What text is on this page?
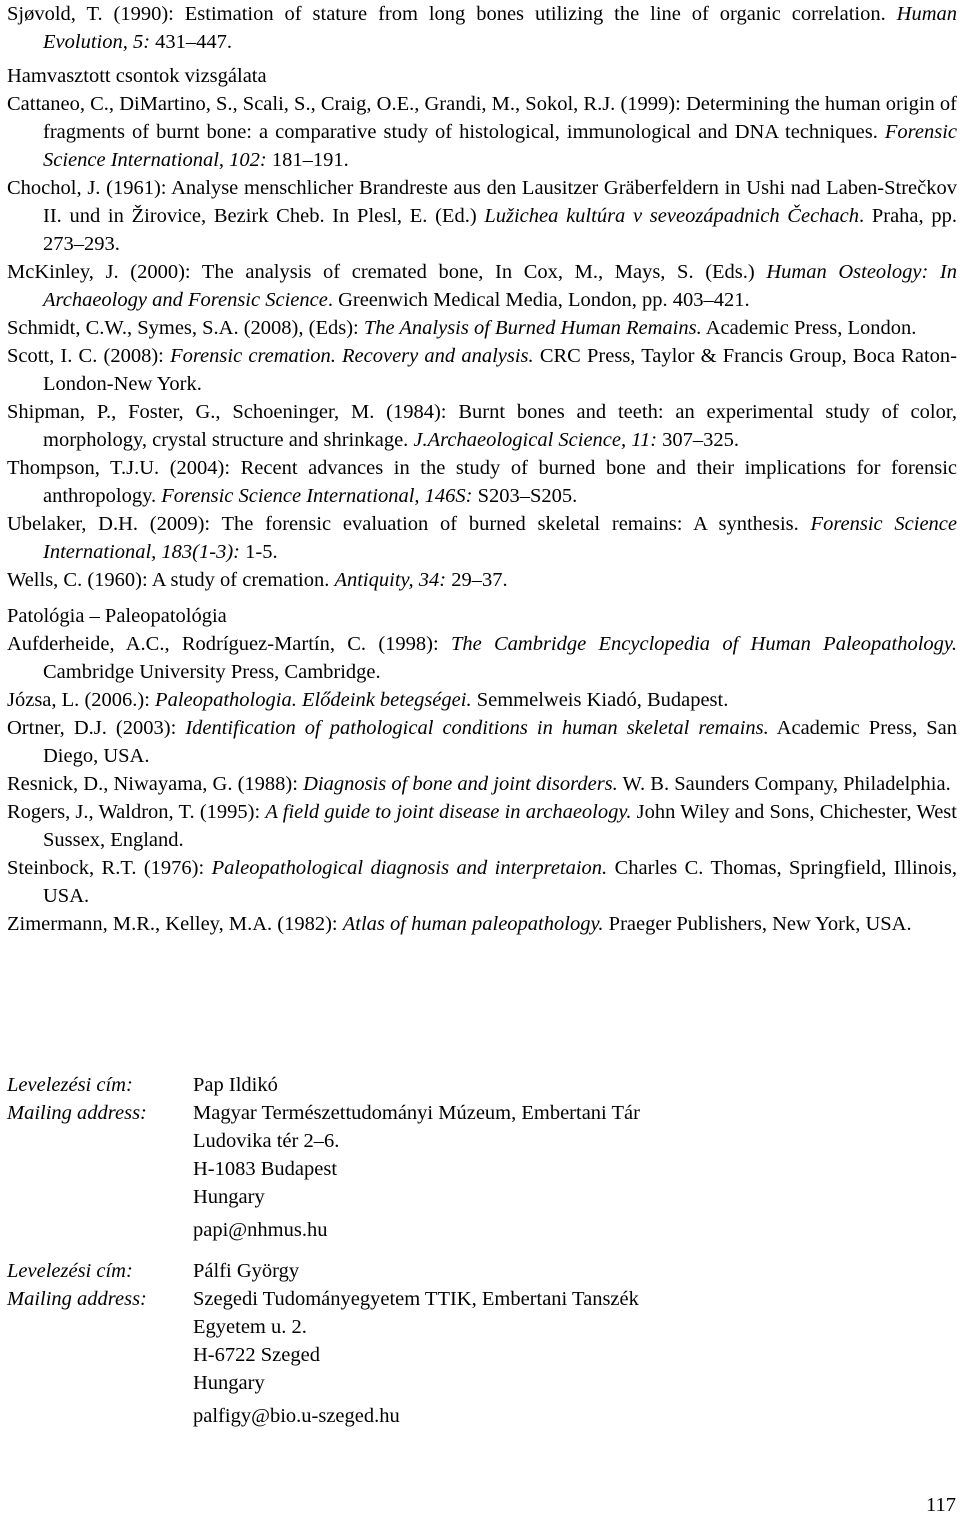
Sjøvold, T. (1990): Estimation of stature from long bones utilizing the line of organic correlation. Human Evolution, 5: 431–447.

Hamvasztott csontok vizsgálata

Cattaneo, C., DiMartino, S., Scali, S., Craig, O.E., Grandi, M., Sokol, R.J. (1999): Determining the human origin of fragments of burnt bone: a comparative study of histological, immunological and DNA techniques. Forensic Science International, 102: 181–191.

Chochol, J. (1961): Analyse menschlicher Brandreste aus den Lausitzer Gräberfeldern in Ushi nad Laben-Strečkov II. und in Žirovice, Bezirk Cheb. In Plesl, E. (Ed.) Lužichea kultúra v seveozápadnich Čechach. Praha, pp. 273–293.

McKinley, J. (2000): The analysis of cremated bone, In Cox, M., Mays, S. (Eds.) Human Osteology: In Archaeology and Forensic Science. Greenwich Medical Media, London, pp. 403–421.

Schmidt, C.W., Symes, S.A. (2008), (Eds): The Analysis of Burned Human Remains. Academic Press, London.

Scott, I. C. (2008): Forensic cremation. Recovery and analysis. CRC Press, Taylor & Francis Group, Boca Raton-London-New York.

Shipman, P., Foster, G., Schoeninger, M. (1984): Burnt bones and teeth: an experimental study of color, morphology, crystal structure and shrinkage. J.Archaeological Science, 11: 307–325.

Thompson, T.J.U. (2004): Recent advances in the study of burned bone and their implications for forensic anthropology. Forensic Science International, 146S: S203–S205.

Ubelaker, D.H. (2009): The forensic evaluation of burned skeletal remains: A synthesis. Forensic Science International, 183(1-3): 1-5.

Wells, C. (1960): A study of cremation. Antiquity, 34: 29–37.

Patológia – Paleopatológia

Aufderheide, A.C., Rodríguez-Martín, C. (1998): The Cambridge Encyclopedia of Human Paleopathology. Cambridge University Press, Cambridge.

Józsa, L. (2006.): Paleopathologia. Elődeink betegségei. Semmelweis Kiadó, Budapest.

Ortner, D.J. (2003): Identification of pathological conditions in human skeletal remains. Academic Press, San Diego, USA.

Resnick, D., Niwayama, G. (1988): Diagnosis of bone and joint disorders. W. B. Saunders Company, Philadelphia.

Rogers, J., Waldron, T. (1995): A field guide to joint disease in archaeology. John Wiley and Sons, Chichester, West Sussex, England.

Steinbock, R.T. (1976): Paleopathological diagnosis and interpretaion. Charles C. Thomas, Springfield, Illinois, USA.

Zimermann, M.R., Kelley, M.A. (1982): Atlas of human paleopathology. Praeger Publishers, New York, USA.

Levelezési cím:
Mailing address:
Pap Ildikó
Magyar Természettudományi Múzeum, Embertani Tár
Ludovika tér 2–6.
H-1083 Budapest
Hungary
papi@nhmus.hu
Levelezési cím:
Mailing address:
Pálfi György
Szegedi Tudományegyetem TTIK, Embertani Tanszék
Egyetem u. 2.
H-6722 Szeged
Hungary
palfigy@bio.u-szeged.hu
117
